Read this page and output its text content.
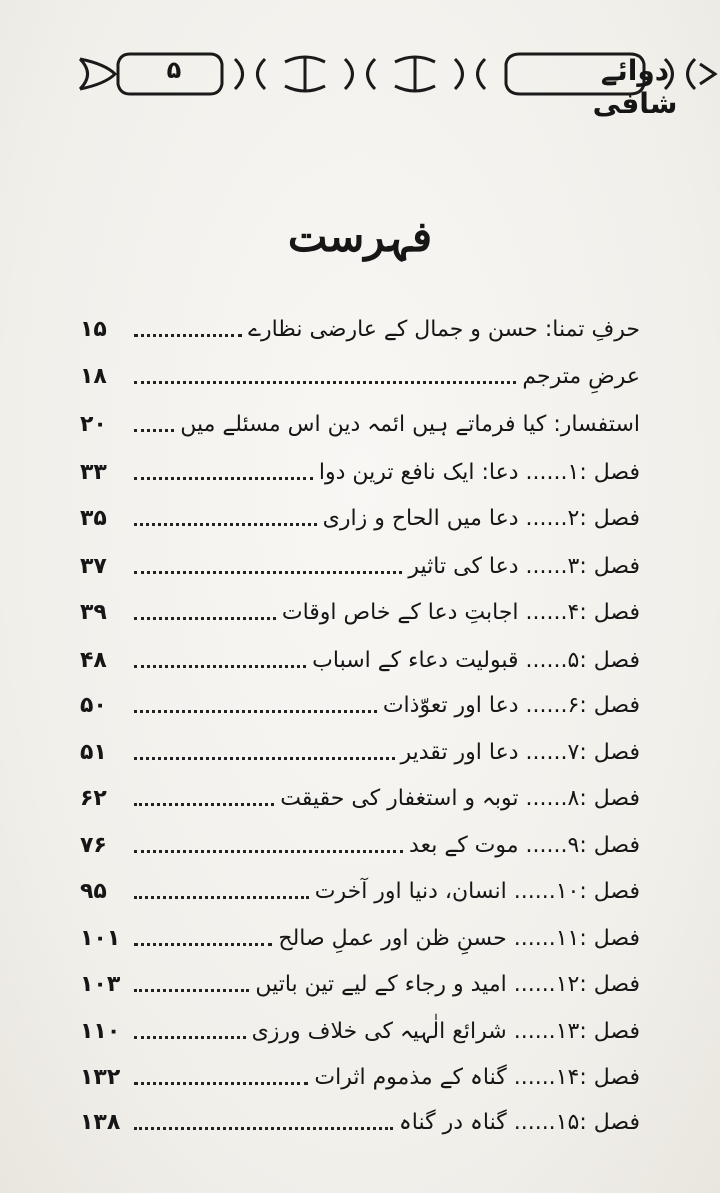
۵	دوائے شافی
فہرست
حرفِ تمنا: حسن و جمال کے عارضی نظارے
۱۵
عرضِ مترجم
۱۸
استفسار: کیا فرماتے ہیں ائمہ دین اس مسئلے میں
۲۰
فصل :۱...... دعا: ایک نافع ترین دوا
۳۳
فصل :۲...... دعا میں الحاح و زاری
۳۵
فصل :۳...... دعا کی تاثیر
۳۷
فصل :۴...... اجابتِ دعا کے خاص اوقات
۳۹
فصل :۵...... قبولیت دعاء کے اسباب
۴۸
فصل :۶...... دعا اور تعوّذات
۵۰
فصل :۷...... دعا اور تقدیر
۵۱
فصل :۸...... توبہ و استغفار کی حقیقت
۶۲
فصل :۹...... موت کے بعد
۷۶
فصل :۱۰...... انسان، دنیا اور آخرت
۹۵
فصل :۱۱...... حسنِ ظن اور عملِ صالح
۱۰۱
فصل :۱۲...... امید و رجاء کے لیے تین باتیں
۱۰۳
فصل :۱۳...... شرائع الٰہیہ کی خلاف ورزی
۱۱۰
فصل :۱۴...... گناہ کے مذموم اثرات
۱۳۲
فصل :۱۵...... گناہ در گناہ
۱۳۸
